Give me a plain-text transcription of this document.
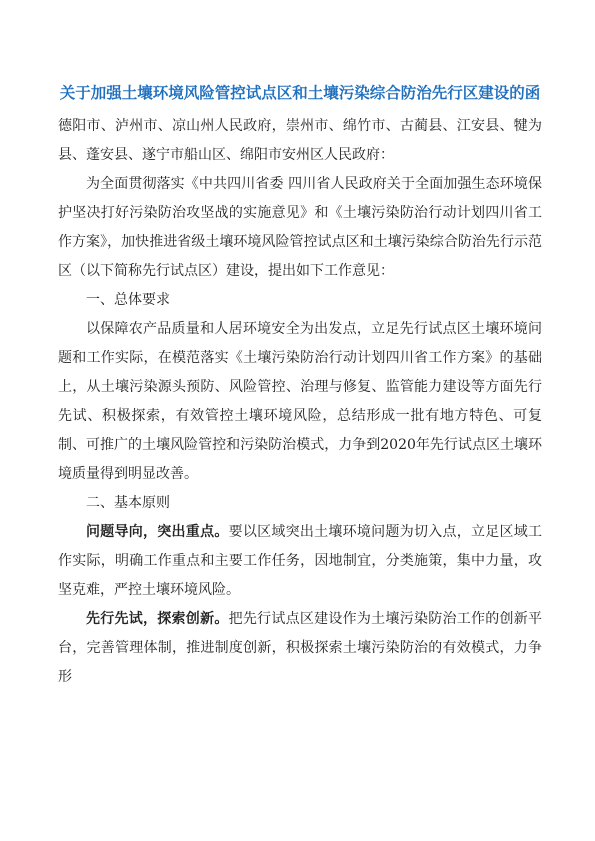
关于加强土壤环境风险管控试点区和土壤污染综合防治先行区建设的函

德阳市、泸州市、凉山州人民政府，崇州市、绵竹市、古蔺县、江安县、犍为县、蓬安县、遂宁市船山区、绵阳市安州区人民政府：

为全面贯彻落实《中共四川省委 四川省人民政府关于全面加强生态环境保护坚决打好污染防治攻坚战的实施意见》和《土壤污染防治行动计划四川省工作方案》，加快推进省级土壤环境风险管控试点区和土壤污染综合防治先行示范区（以下简称先行试点区）建设，提出如下工作意见：

一、总体要求

以保障农产品质量和人居环境安全为出发点，立足先行试点区土壤环境问题和工作实际，在模范落实《土壤污染防治行动计划四川省工作方案》的基础上，从土壤污染源头预防、风险管控、治理与修复、监管能力建设等方面先行先试、积极探索，有效管控土壤环境风险，总结形成一批有地方特色、可复制、可推广的土壤风险管控和污染防治模式，力争到2020年先行试点区土壤环境质量得到明显改善。

二、基本原则

问题导向，突出重点。要以区域突出土壤环境问题为切入点，立足区域工作实际，明确工作重点和主要工作任务，因地制宜，分类施策，集中力量，攻坚克难，严控土壤环境风险。

先行先试，探索创新。把先行试点区建设作为土壤污染防治工作的创新平台，完善管理体制，推进制度创新，积极探索土壤污染防治的有效模式，力争形
